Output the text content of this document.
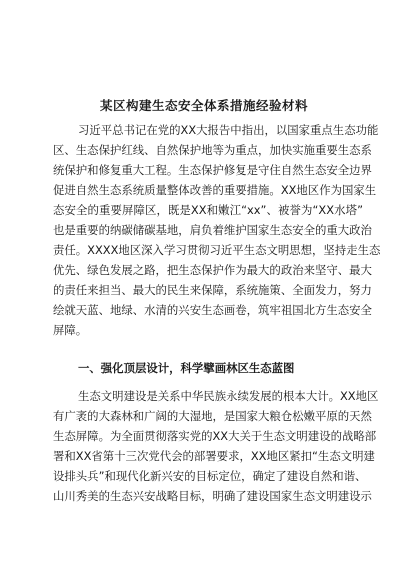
某区构建生态安全体系措施经验材料
习近平总书记在党的XX大报告中指出，以国家重点生态功能
区、生态保护红线、自然保护地等为重点，加快实施重要生态系
统保护和修复重大工程。生态保护修复是守住自然生态安全边界
促进自然生态系统质量整体改善的重要措施。XX地区作为国家生
态安全的重要屏障区，既是XX和嫩江“xx”、被誉为“XX水塔”
也是重要的纳碳储碳基地，肩负着维护国家生态安全的重大政治
责任。XXXX地区深入学习贯彻习近平生态文明思想，坚持走生态
优先、绿色发展之路，把生态保护作为最大的政治来坚守、最大
的责任来担当、最大的民生来保障，系统施策、全面发力，努力
绘就天蓝、地绿、水清的兴安生态画卷，筑牢祖国北方生态安全
屏障。
一、强化顶层设计，科学擘画林区生态蓝图
生态文明建设是关系中华民族永续发展的根本大计。XX地区
有广袤的大森林和广阔的大湿地，是国家大粮仓松嫩平原的天然
生态屏障。为全面贯彻落实党的XX大关于生态文明建设的战略部
署和XX省第十三次党代会的部署要求，XX地区紧扣“生态文明建
设排头兵”和现代化新兴安的目标定位，确定了建设自然和谐、
山川秀美的生态兴安战略目标，明确了建设国家生态文明建设示
